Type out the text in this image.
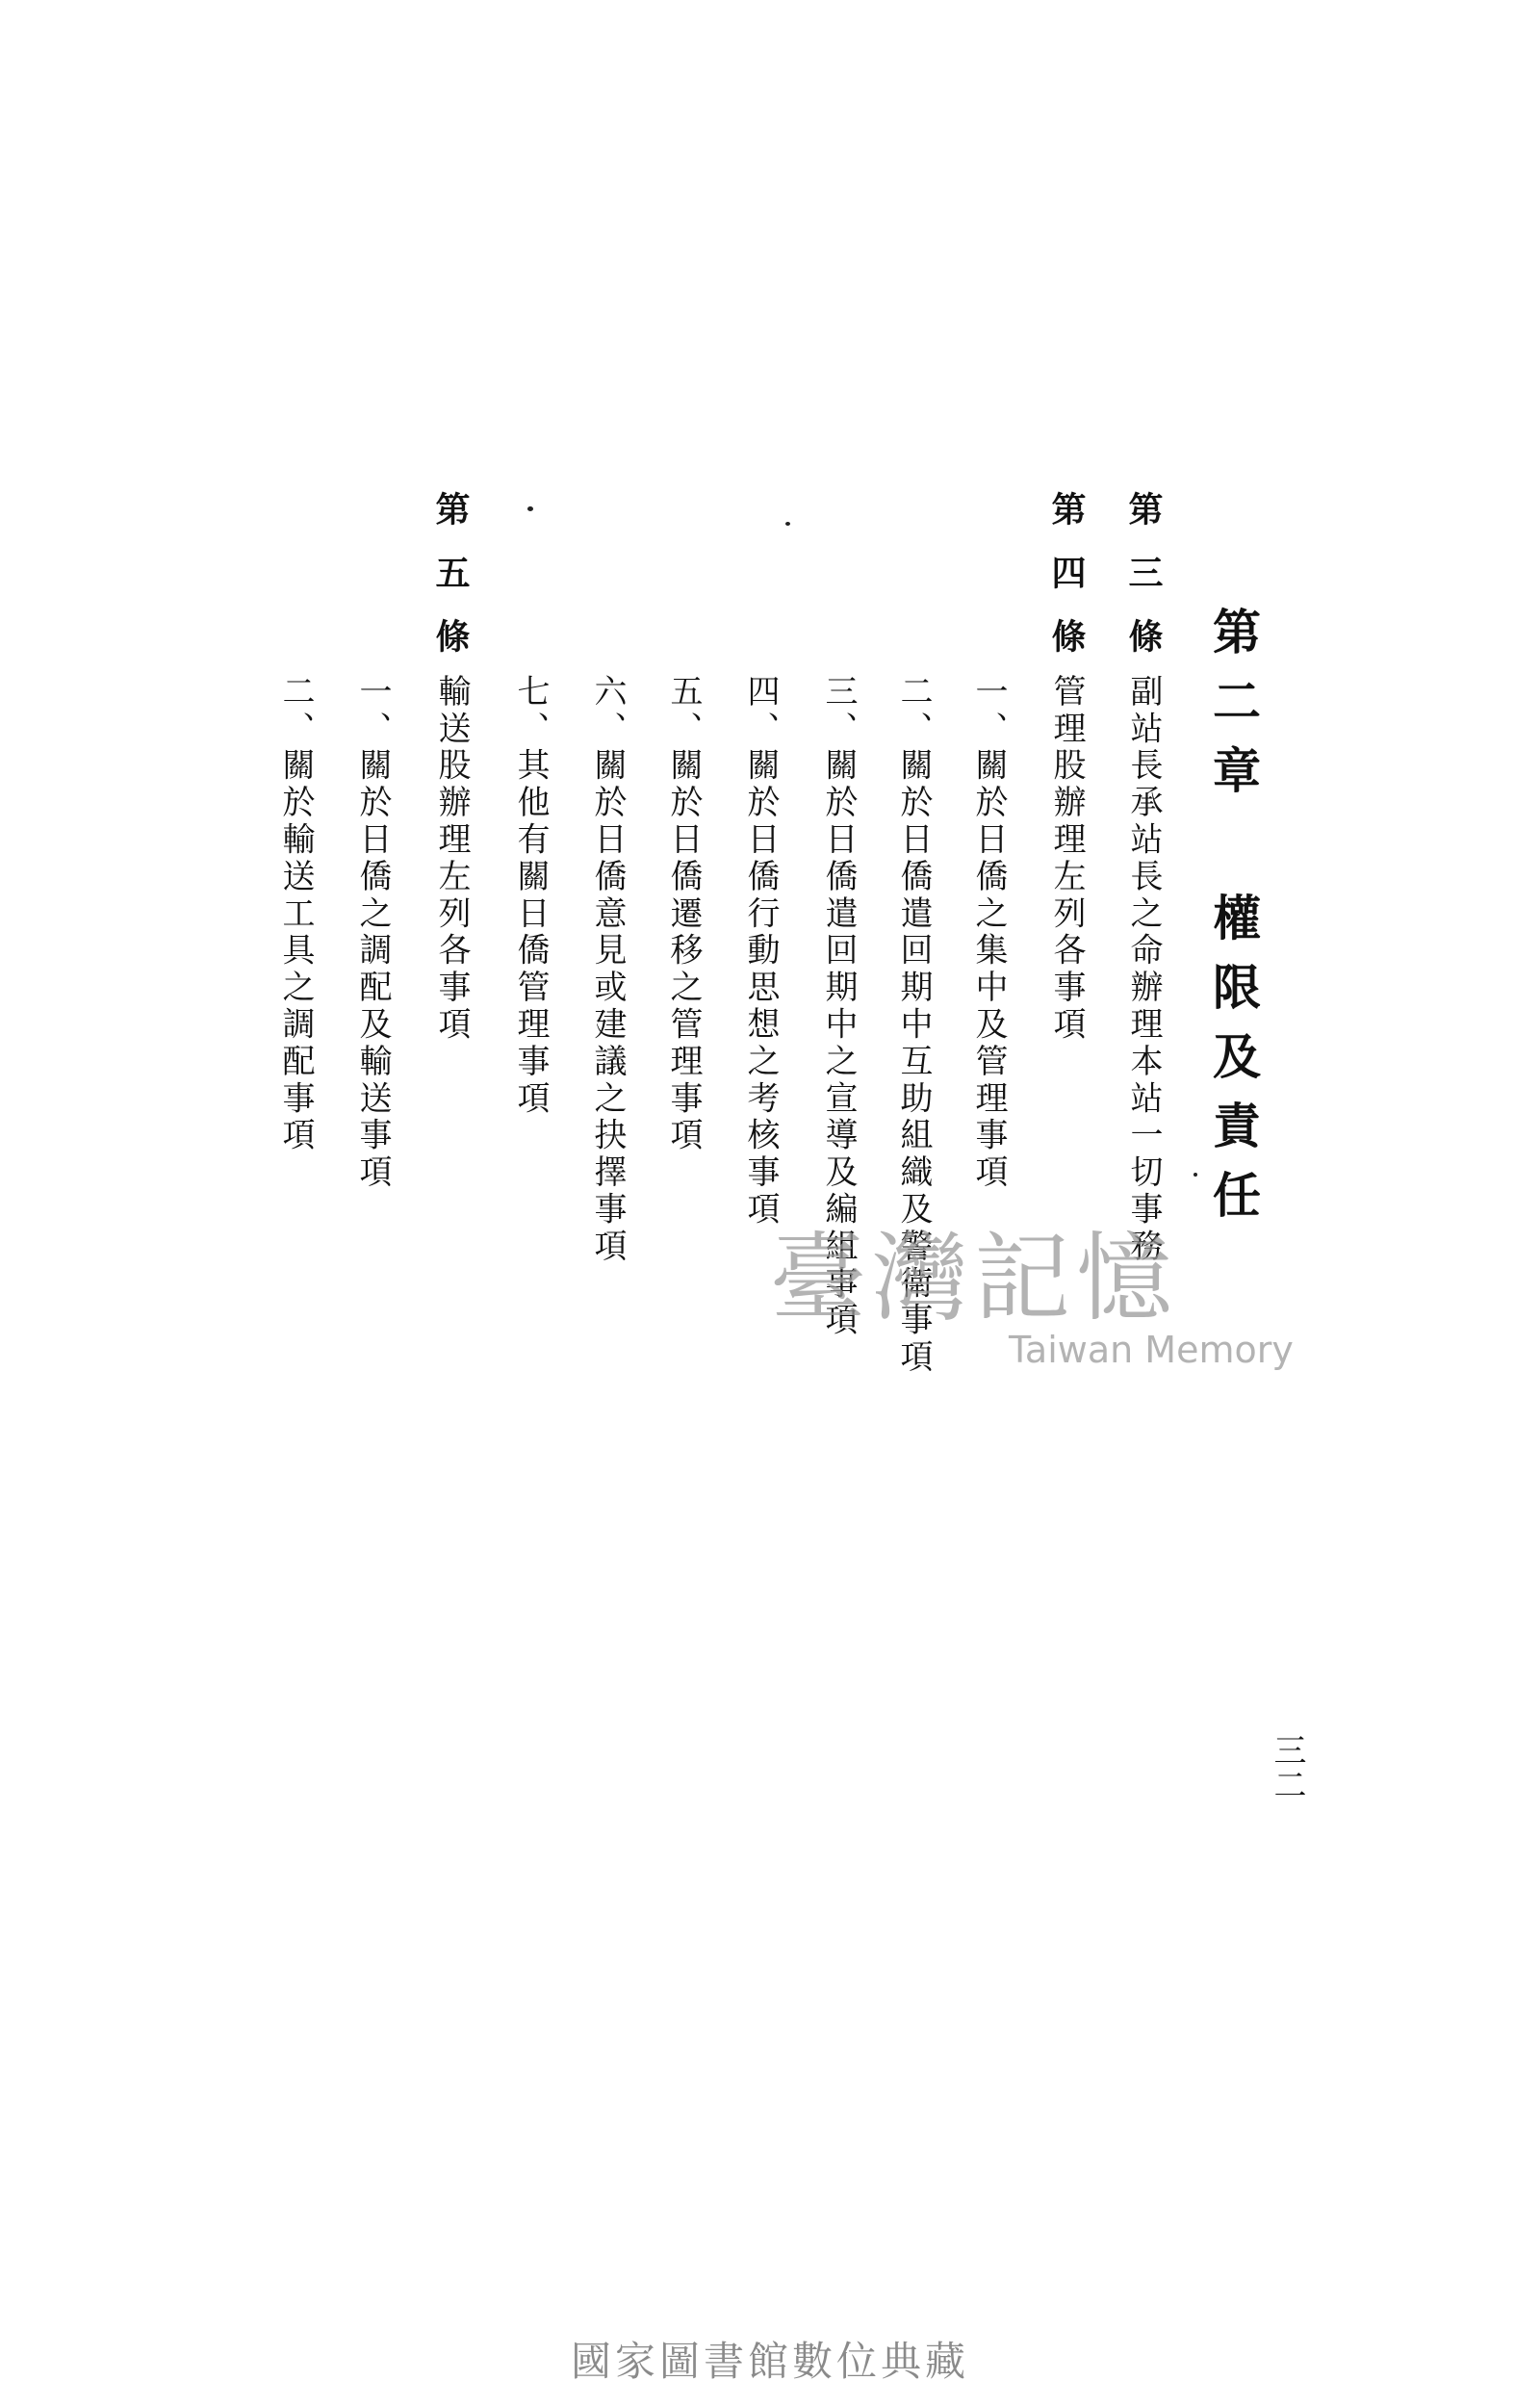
第二章 權限及責任
第三條
副站長承站長之命辦理本站一切事務
第四條
管理股辦理左列各事項
一、關於日僑之集中及管理事項
二、關於日僑遣回期中互助組織及警衛事項
三、關於日僑遣回期中之宣導及編組事項
四、關於日僑行動思想之考核事項
五、關於日僑遷移之管理事項
六、關於日僑意見或建議之抉擇事項
七、其他有關日僑管理事項
第五條
輸送股辦理左列各事項
一、關於日僑之調配及輸送事項
二、關於輸送工具之調配事項
三二
臺灣記憶
Taiwan Memory
國家圖書館數位典藏
